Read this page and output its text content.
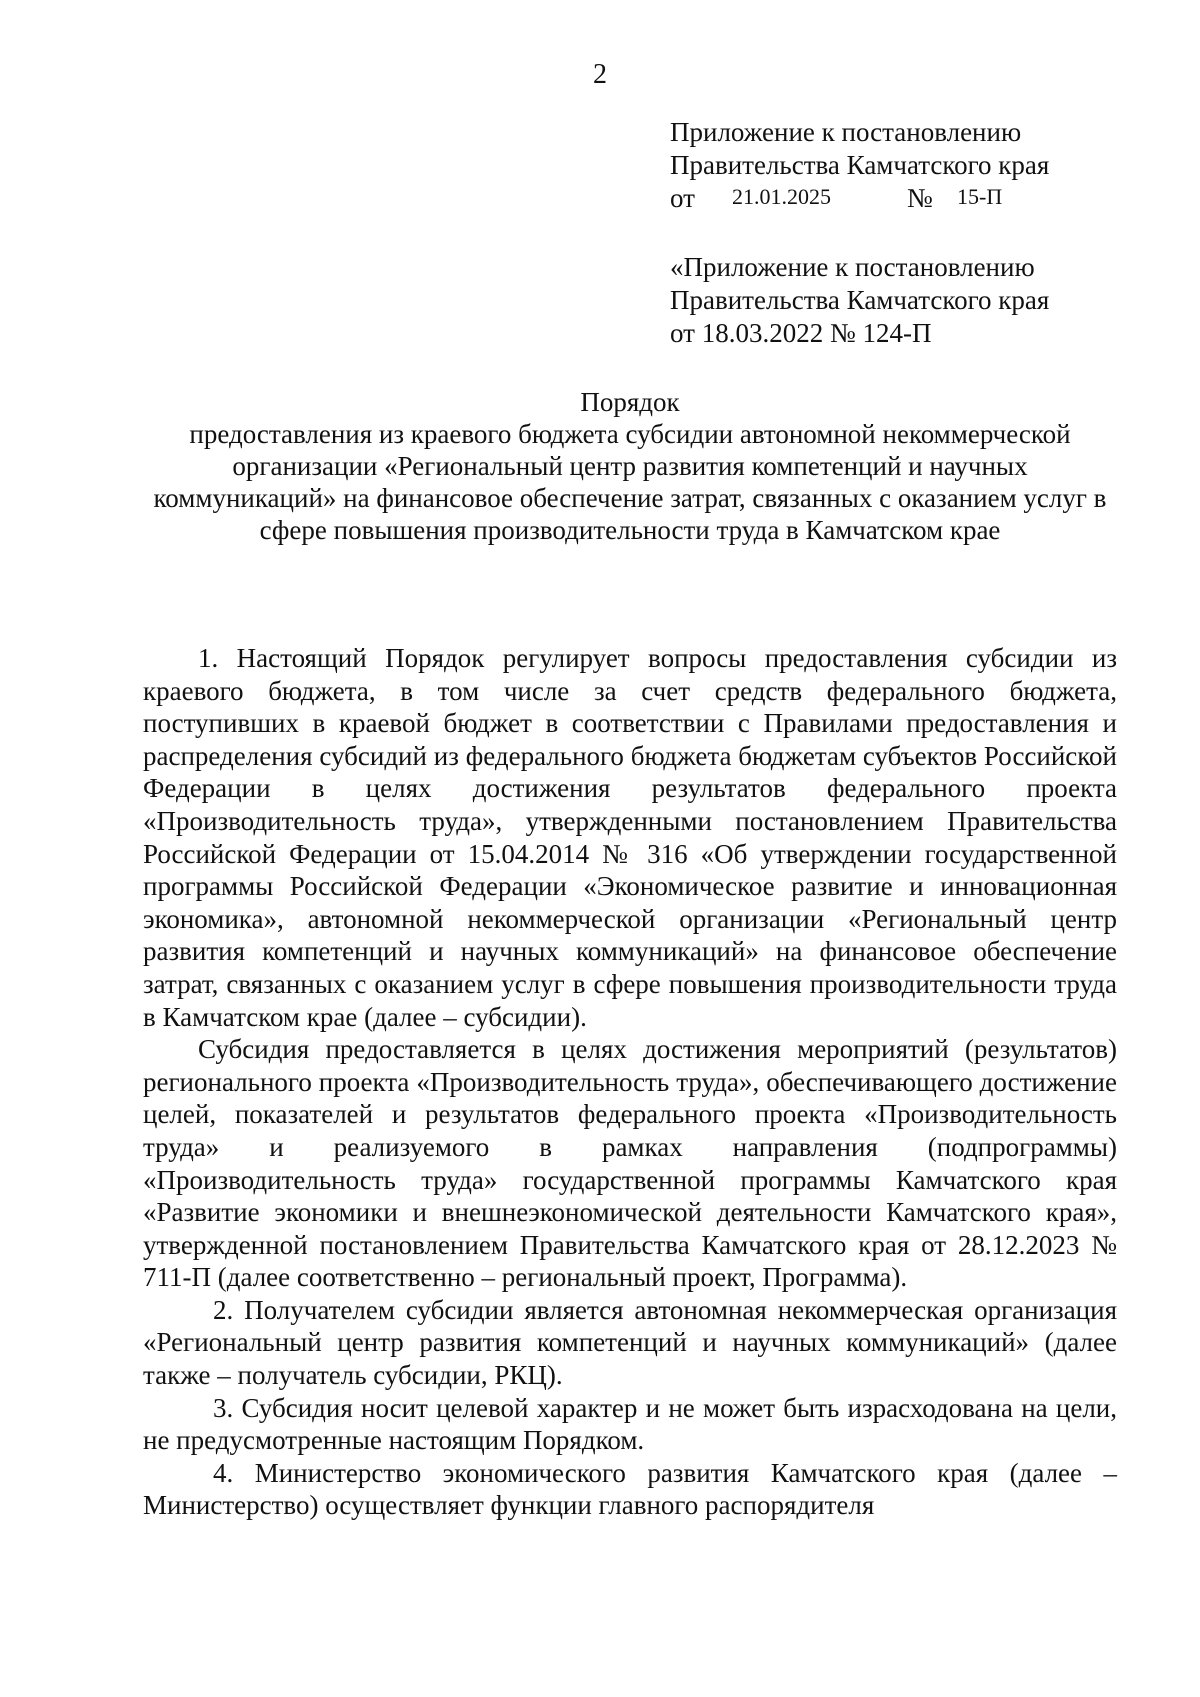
2
Приложение к постановлению
Правительства Камчатского края
от 21.01.2025	№ 15-П
«Приложение к постановлению
Правительства Камчатского края
от 18.03.2022 № 124-П
Порядок
предоставления из краевого бюджета субсидии автономной некоммерческой организации «Региональный центр развития компетенций и научных коммуникаций» на финансовое обеспечение затрат, связанных с оказанием услуг в сфере повышения производительности труда в Камчатском крае

1. Настоящий Порядок регулирует вопросы предоставления субсидии из краевого бюджета, в том числе за счет средств федерального бюджета, поступивших в краевой бюджет в соответствии с Правилами предоставления и распределения субсидий из федерального бюджета бюджетам субъектов Российской Федерации в целях достижения результатов федерального проекта «Производительность труда», утвержденными постановлением Правительства Российской Федерации от 15.04.2014 № 316 «Об утверждении государственной программы Российской Федерации «Экономическое развитие и инновационная экономика», автономной некоммерческой организации «Региональный центр развития компетенций и научных коммуникаций» на финансовое обеспечение затрат, связанных с оказанием услуг в сфере повышения производительности труда в Камчатском крае (далее – субсидии).

Субсидия предоставляется в целях достижения мероприятий (результатов) регионального проекта «Производительность труда», обеспечивающего достижение целей, показателей и результатов федерального проекта «Производительность труда» и реализуемого в рамках направления (подпрограммы) «Производительность труда» государственной программы Камчатского края «Развитие экономики и внешнеэкономической деятельности Камчатского края», утвержденной постановлением Правительства Камчатского края от 28.12.2023 № 711-П (далее соответственно – региональный проект, Программа).

2. Получателем субсидии является автономная некоммерческая организация «Региональный центр развития компетенций и научных коммуникаций» (далее также – получатель субсидии, РКЦ).

3. Субсидия носит целевой характер и не может быть израсходована на цели, не предусмотренные настоящим Порядком.

4. Министерство экономического развития Камчатского края (далее – Министерство) осуществляет функции главного распорядителя
